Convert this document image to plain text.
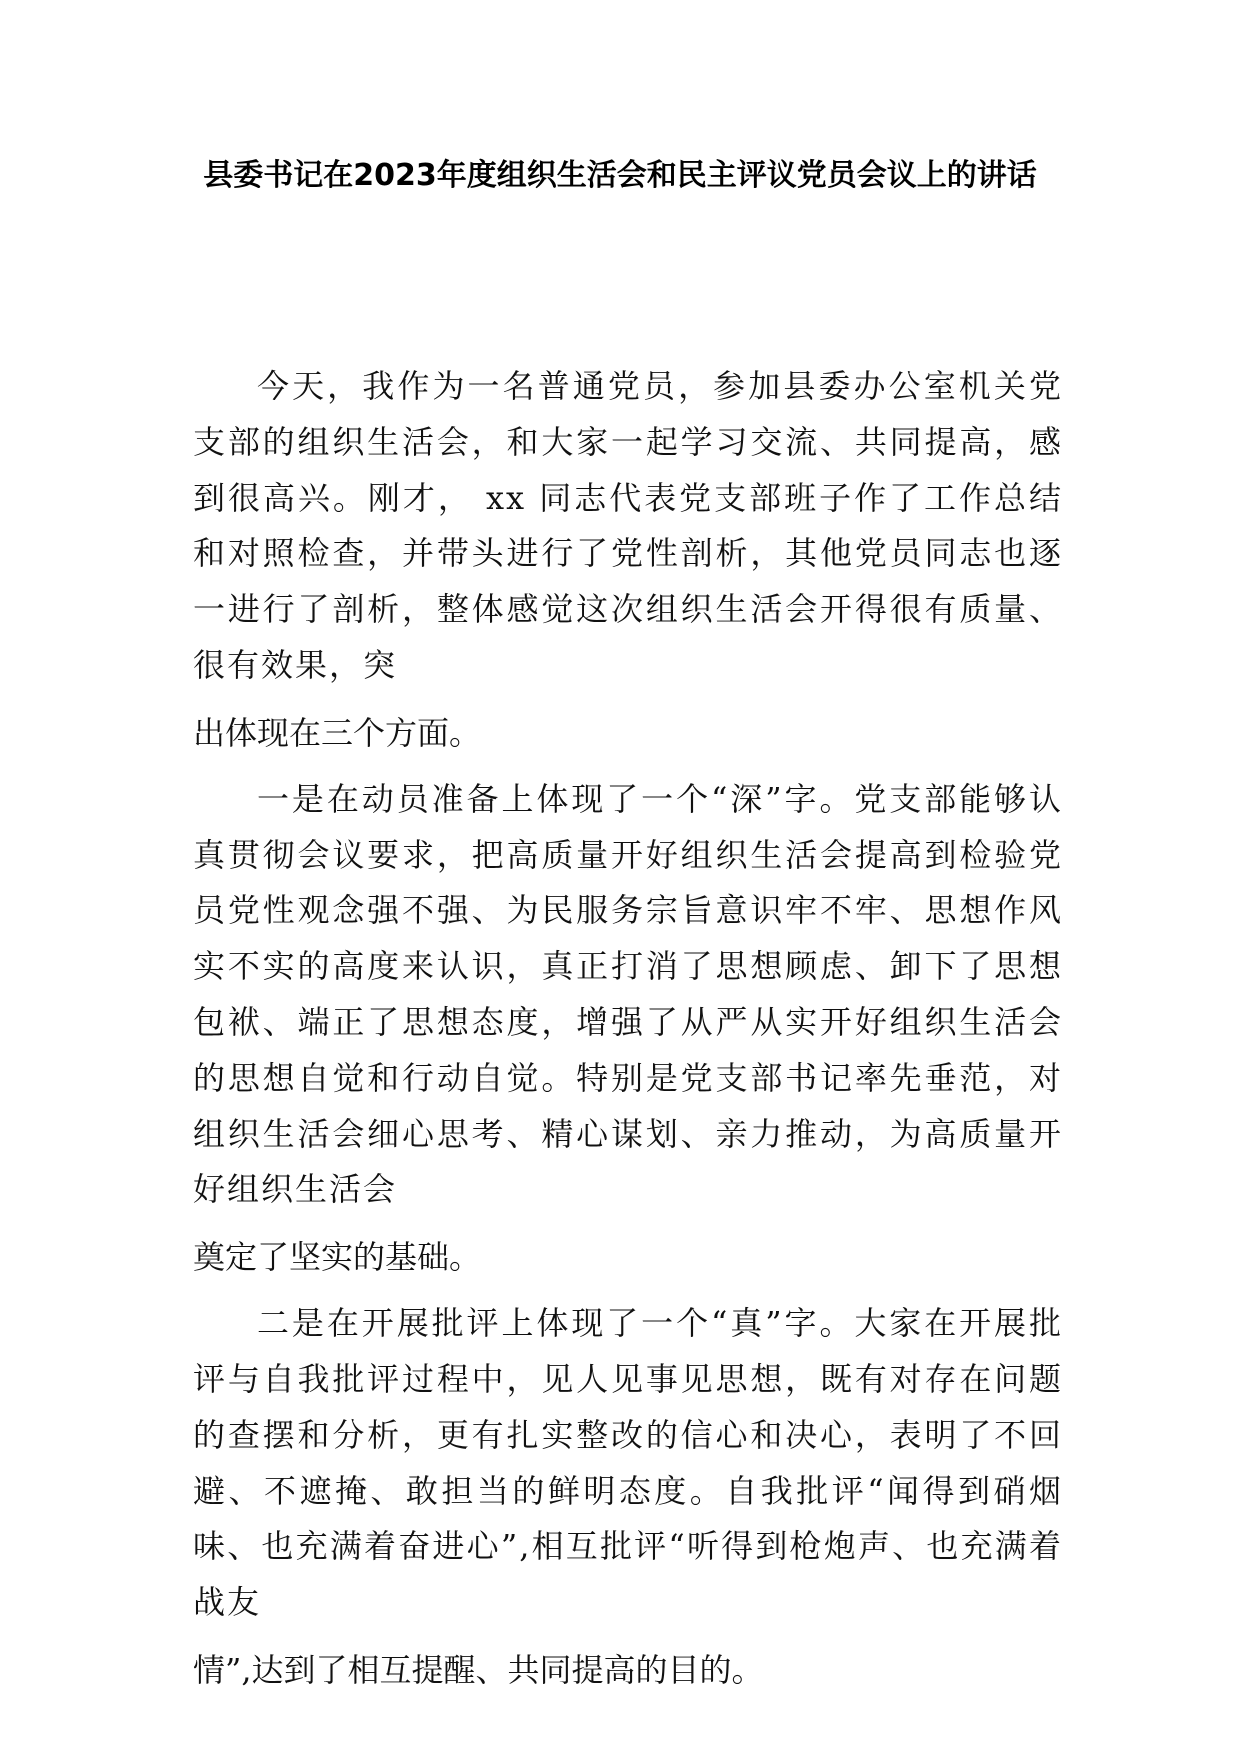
县委书记在2023年度组织生活会和民主评议党员会议上的讲话

今天，我作为一名普通党员，参加县委办公室机关党支部的组织生活会，和大家一起学习交流、共同提高，感到很高兴。刚才， xx 同志代表党支部班子作了工作总结和对照检查，并带头进行了党性剖析，其他党员同志也逐一进行了剖析，整体感觉这次组织生活会开得很有质量、很有效果，突

出体现在三个方面。

一是在动员准备上体现了一个“深”字。党支部能够认真贯彻会议要求，把高质量开好组织生活会提高到检验党员党性观念强不强、为民服务宗旨意识牢不牢、思想作风实不实的高度来认识，真正打消了思想顾虑、卸下了思想包袱、端正了思想态度，增强了从严从实开好组织生活会的思想自觉和行动自觉。特别是党支部书记率先垂范，对组织生活会细心思考、精心谋划、亲力推动，为高质量开好组织生活会

奠定了坚实的基础。

二是在开展批评上体现了一个“真”字。大家在开展批评与自我批评过程中，见人见事见思想，既有对存在问题的查摆和分析，更有扎实整改的信心和决心，表明了不回避、不遮掩、敢担当的鲜明态度。自我批评“闻得到硝烟味、也充满着奋进心”,相互批评“听得到枪炮声、也充满着战友

情”,达到了相互提醒、共同提高的目的。
